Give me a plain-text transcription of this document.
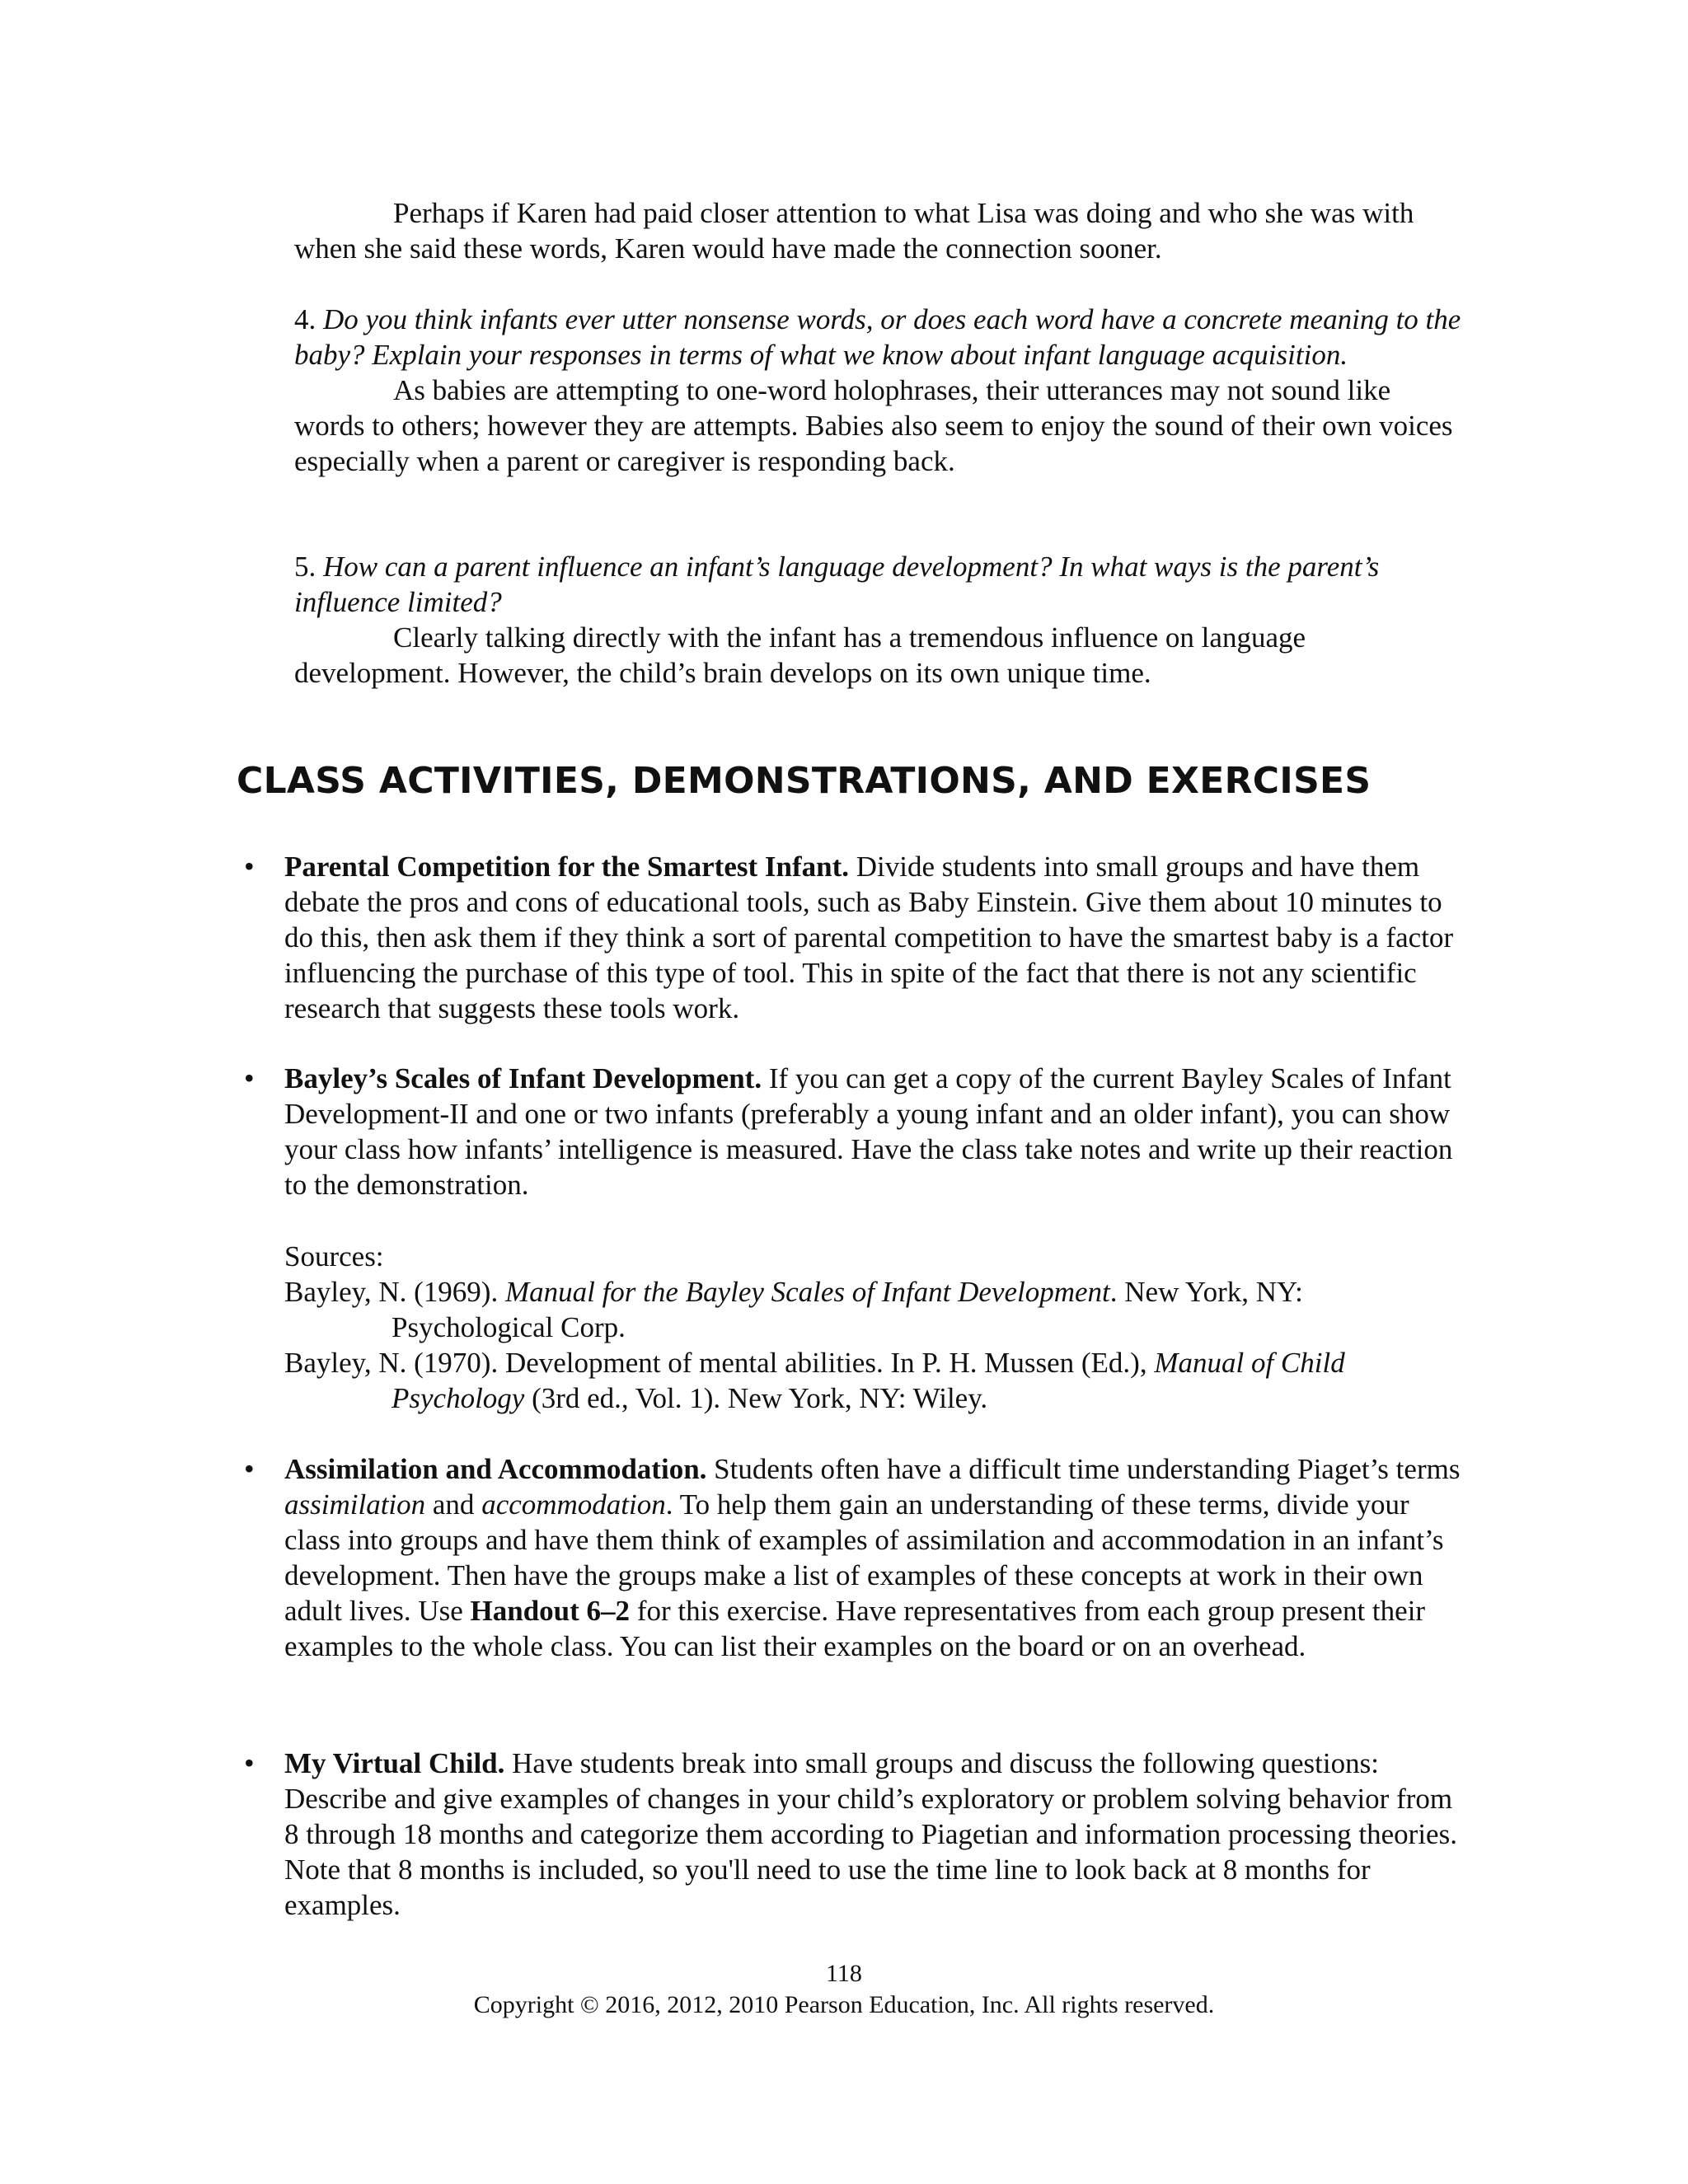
Perhaps if Karen had paid closer attention to what Lisa was doing and who she was with when she said these words, Karen would have made the connection sooner.

4. Do you think infants ever utter nonsense words, or does each word have a concrete meaning to the baby? Explain your responses in terms of what we know about infant language acquisition.

As babies are attempting to one-word holophrases, their utterances may not sound like words to others; however they are attempts. Babies also seem to enjoy the sound of their own voices especially when a parent or caregiver is responding back.

5. How can a parent influence an infant’s language development? In what ways is the parent’s influence limited?

Clearly talking directly with the infant has a tremendous influence on language development. However, the child’s brain develops on its own unique time.

CLASS ACTIVITIES, DEMONSTRATIONS, AND EXERCISES
• Parental Competition for the Smartest Infant. Divide students into small groups and have them debate the pros and cons of educational tools, such as Baby Einstein. Give them about 10 minutes to do this, then ask them if they think a sort of parental competition to have the smartest baby is a factor influencing the purchase of this type of tool. This in spite of the fact that there is not any scientific research that suggests these tools work.

• Bayley’s Scales of Infant Development. If you can get a copy of the current Bayley Scales of Infant Development-II and one or two infants (preferably a young infant and an older infant), you can show your class how infants’ intelligence is measured. Have the class take notes and write up their reaction to the demonstration.

Sources:

Bayley, N. (1969). Manual for the Bayley Scales of Infant Development. New York, NY: Psychological Corp.

Bayley, N. (1970). Development of mental abilities. In P. H. Mussen (Ed.), Manual of Child Psychology (3rd ed., Vol. 1). New York, NY: Wiley.

• Assimilation and Accommodation. Students often have a difficult time understanding Piaget’s terms assimilation and accommodation. To help them gain an understanding of these terms, divide your class into groups and have them think of examples of assimilation and accommodation in an infant’s development. Then have the groups make a list of examples of these concepts at work in their own adult lives. Use Handout 6–2 for this exercise. Have representatives from each group present their examples to the whole class. You can list their examples on the board or on an overhead.

• My Virtual Child. Have students break into small groups and discuss the following questions: Describe and give examples of changes in your child’s exploratory or problem solving behavior from 8 through 18 months and categorize them according to Piagetian and information processing theories. Note that 8 months is included, so you'll need to use the time line to look back at 8 months for examples.

118
Copyright © 2016, 2012, 2010 Pearson Education, Inc. All rights reserved.
